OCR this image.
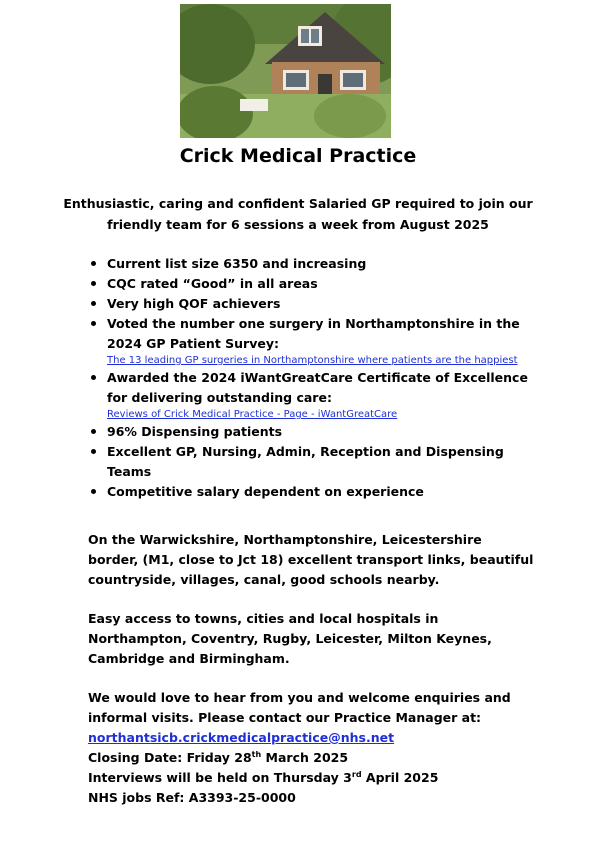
Crick Medical Practice
Enthusiastic, caring and confident Salaried GP required to join our friendly team for 6 sessions a week from August 2025
Current list size 6350 and increasing
CQC rated “Good” in all areas
Very high QOF achievers
Voted the number one surgery in Northamptonshire in the 2024 GP Patient Survey:
The 13 leading GP surgeries in Northamptonshire where patients are the happiest
Awarded the 2024 iWantGreatCare Certificate of Excellence for delivering outstanding care:
Reviews of Crick Medical Practice - Page - iWantGreatCare
96% Dispensing patients
Excellent GP, Nursing, Admin, Reception and Dispensing Teams
Competitive salary dependent on experience
On the Warwickshire, Northamptonshire, Leicestershire border, (M1, close to Jct 18) excellent transport links, beautiful countryside, villages, canal, good schools nearby.
Easy access to towns, cities and local hospitals in Northampton, Coventry, Rugby, Leicester, Milton Keynes, Cambridge and Birmingham.
We would love to hear from you and welcome enquiries and informal visits. Please contact our Practice Manager at:
northantsicb.crickmedicalpractice@nhs.net
Closing Date: Friday 28th March 2025
Interviews will be held on Thursday 3rd April 2025
NHS jobs Ref: A3393-25-0000
